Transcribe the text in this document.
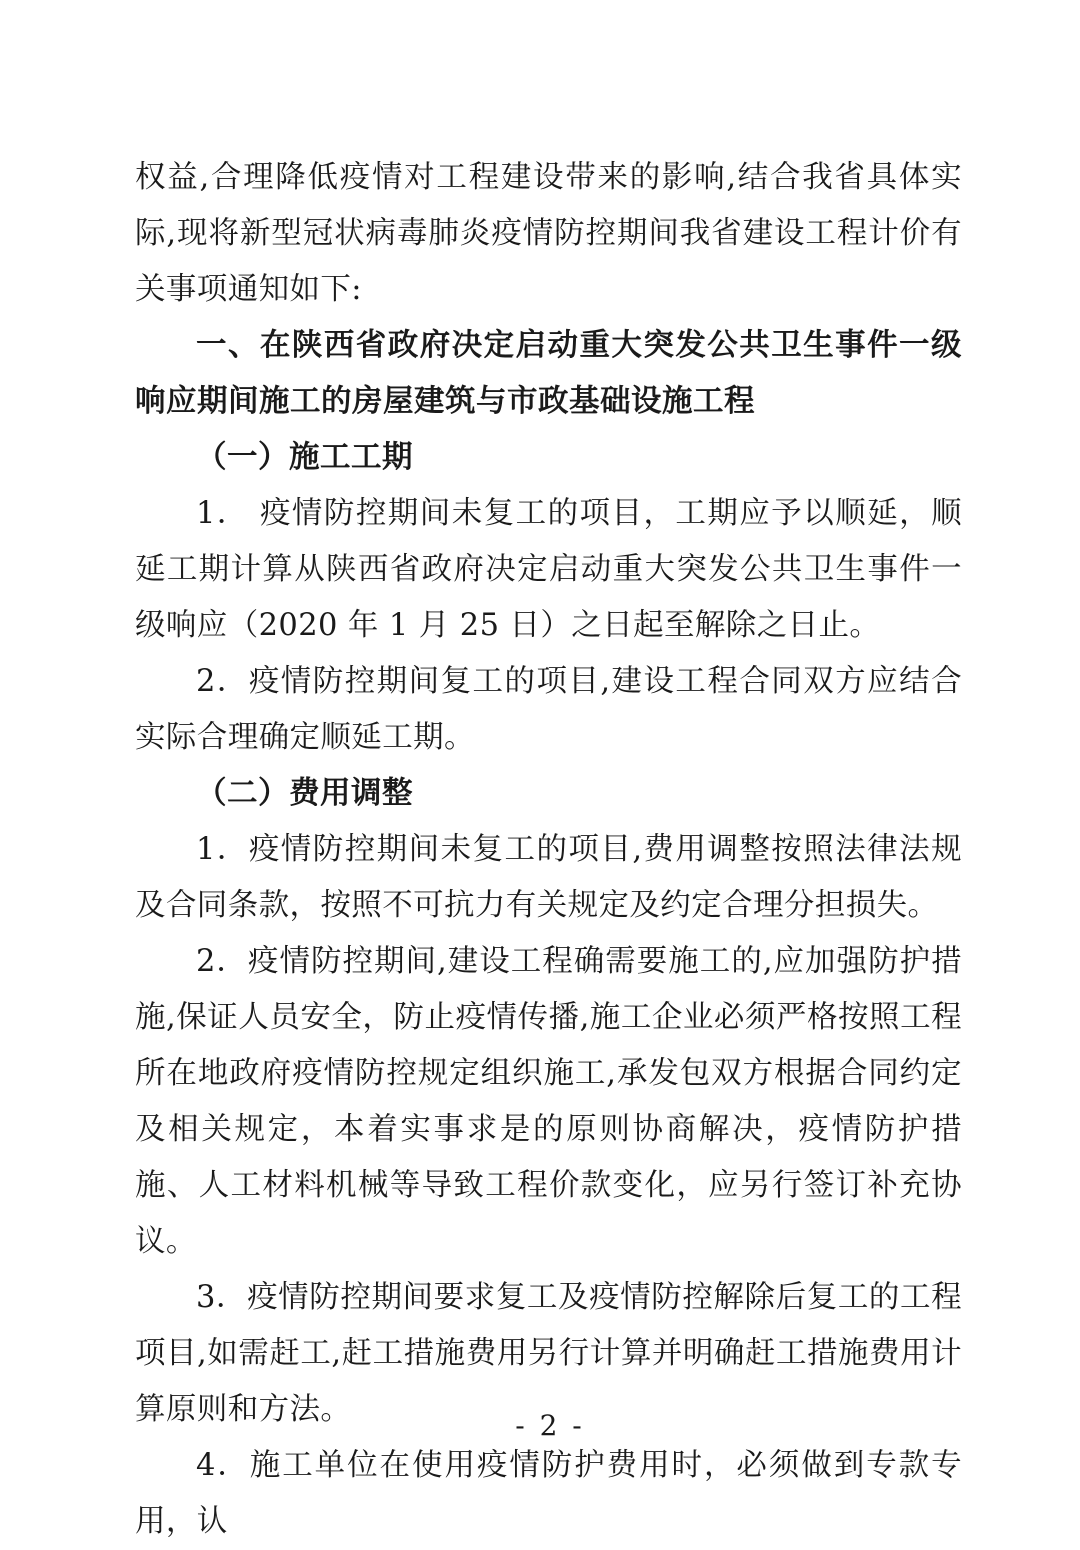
权益,合理降低疫情对工程建设带来的影响,结合我省具体实际,现将新型冠状病毒肺炎疫情防控期间我省建设工程计价有关事项通知如下:

一、在陕西省政府决定启动重大突发公共卫生事件一级响应期间施工的房屋建筑与市政基础设施工程

（一）施工工期

1． 疫情防控期间未复工的项目，工期应予以顺延，顺延工期计算从陕西省政府决定启动重大突发公共卫生事件一级响应（2020 年 1 月 25 日）之日起至解除之日止。

2．疫情防控期间复工的项目,建设工程合同双方应结合实际合理确定顺延工期。

（二）费用调整

1．疫情防控期间未复工的项目,费用调整按照法律法规及合同条款，按照不可抗力有关规定及约定合理分担损失。

2．疫情防控期间,建设工程确需要施工的,应加强防护措施,保证人员安全，防止疫情传播,施工企业必须严格按照工程所在地政府疫情防控规定组织施工,承发包双方根据合同约定及相关规定，本着实事求是的原则协商解决，疫情防护措施、人工材料机械等导致工程价款变化，应另行签订补充协议。

3．疫情防控期间要求复工及疫情防控解除后复工的工程项目,如需赶工,赶工措施费用另行计算并明确赶工措施费用计算原则和方法。

4．施工单位在使用疫情防护费用时，必须做到专款专用，认

- 2 -
